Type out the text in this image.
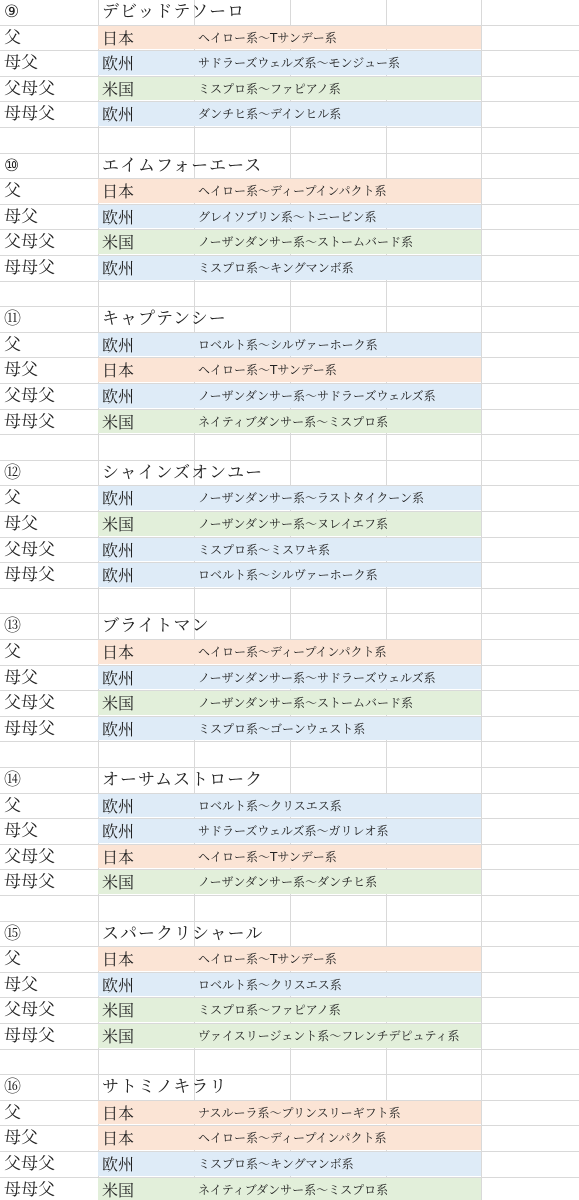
⑨	デビッドテソーロ
父	日本	ヘイロー系〜Tサンデー系
母父	欧州	サドラーズウェルズ系〜モンジュー系
父母父	米国	ミスプロ系〜ファピアノ系
母母父	欧州	ダンチヒ系〜デインヒル系
⑩	エイムフォーエース
父	日本	ヘイロー系〜ディープインパクト系
母父	欧州	グレイソブリン系〜トニービン系
父母父	米国	ノーザンダンサー系〜ストームバード系
母母父	欧州	ミスプロ系〜キングマンボ系
⑪	キャプテンシー
父	欧州	ロベルト系〜シルヴァーホーク系
母父	日本	ヘイロー系〜Tサンデー系
父母父	欧州	ノーザンダンサー系〜サドラーズウェルズ系
母母父	米国	ネイティブダンサー系〜ミスプロ系
⑫	シャインズオンユー
父	欧州	ノーザンダンサー系〜ラストタイクーン系
母父	米国	ノーザンダンサー系〜ヌレイエフ系
父母父	欧州	ミスプロ系〜ミスワキ系
母母父	欧州	ロベルト系〜シルヴァーホーク系
⑬	ブライトマン
父	日本	ヘイロー系〜ディープインパクト系
母父	欧州	ノーザンダンサー系〜サドラーズウェルズ系
父母父	米国	ノーザンダンサー系〜ストームバード系
母母父	欧州	ミスプロ系〜ゴーンウェスト系
⑭	オーサムストローク
父	欧州	ロベルト系〜クリスエス系
母父	欧州	サドラーズウェルズ系〜ガリレオ系
父母父	日本	ヘイロー系〜Tサンデー系
母母父	米国	ノーザンダンサー系〜ダンチヒ系
⑮	スパークリシャール
父	日本	ヘイロー系〜Tサンデー系
母父	欧州	ロベルト系〜クリスエス系
父母父	米国	ミスプロ系〜ファピアノ系
母母父	米国	ヴァイスリージェント系〜フレンチデピュティ系
⑯	サトミノキラリ
父	日本	ナスルーラ系〜プリンスリーギフト系
母父	日本	ヘイロー系〜ディープインパクト系
父母父	欧州	ミスプロ系〜キングマンボ系
母母父	米国	ネイティブダンサー系〜ミスプロ系
